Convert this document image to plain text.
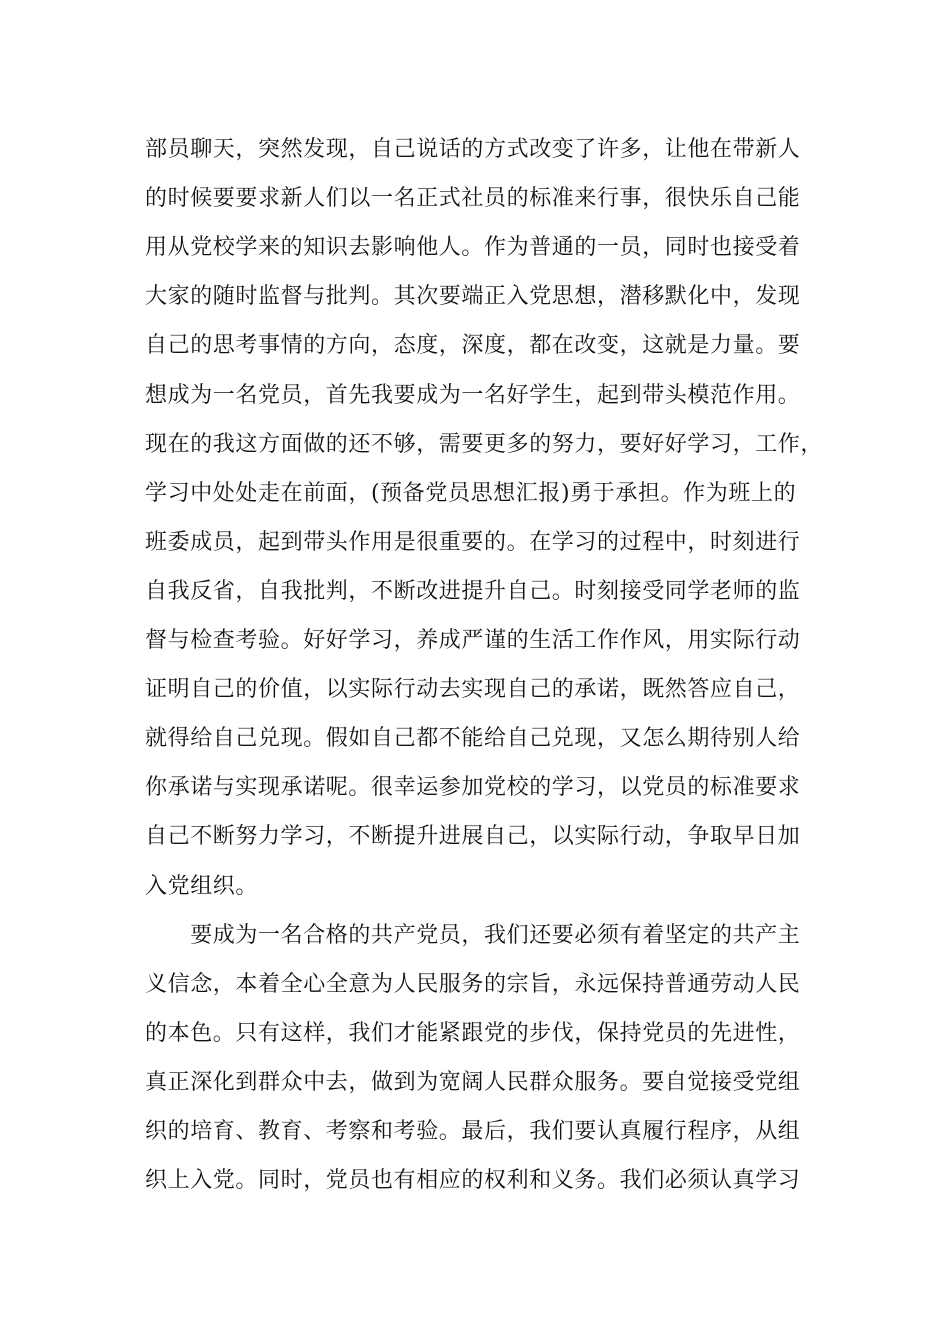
部员聊天，突然发现，自己说话的方式改变了许多，让他在带新人
的时候要要求新人们以一名正式社员的标准来行事，很快乐自己能
用从党校学来的知识去影响他人。作为普通的一员，同时也接受着
大家的随时监督与批判。其次要端正入党思想，潜移默化中，发现
自己的思考事情的方向，态度，深度，都在改变，这就是力量。要
想成为一名党员，首先我要成为一名好学生，起到带头模范作用。
现在的我这方面做的还不够，需要更多的努力，要好好学习，工作，
学习中处处走在前面，(预备党员思想汇报)勇于承担。作为班上的
班委成员，起到带头作用是很重要的。在学习的过程中，时刻进行
自我反省，自我批判，不断改进提升自己。时刻接受同学老师的监
督与检查考验。好好学习，养成严谨的生活工作作风，用实际行动
证明自己的价值，以实际行动去实现自己的承诺，既然答应自己，
就得给自己兑现。假如自己都不能给自己兑现，又怎么期待别人给
你承诺与实现承诺呢。很幸运参加党校的学习，以党员的标准要求
自己不断努力学习，不断提升进展自己，以实际行动，争取早日加
入党组织。
　　要成为一名合格的共产党员，我们还要必须有着坚定的共产主
义信念，本着全心全意为人民服务的宗旨，永远保持普通劳动人民
的本色。只有这样，我们才能紧跟党的步伐，保持党员的先进性，
真正深化到群众中去，做到为宽阔人民群众服务。要自觉接受党组
织的培育、教育、考察和考验。最后，我们要认真履行程序，从组
织上入党。同时，党员也有相应的权利和义务。我们必须认真学习
